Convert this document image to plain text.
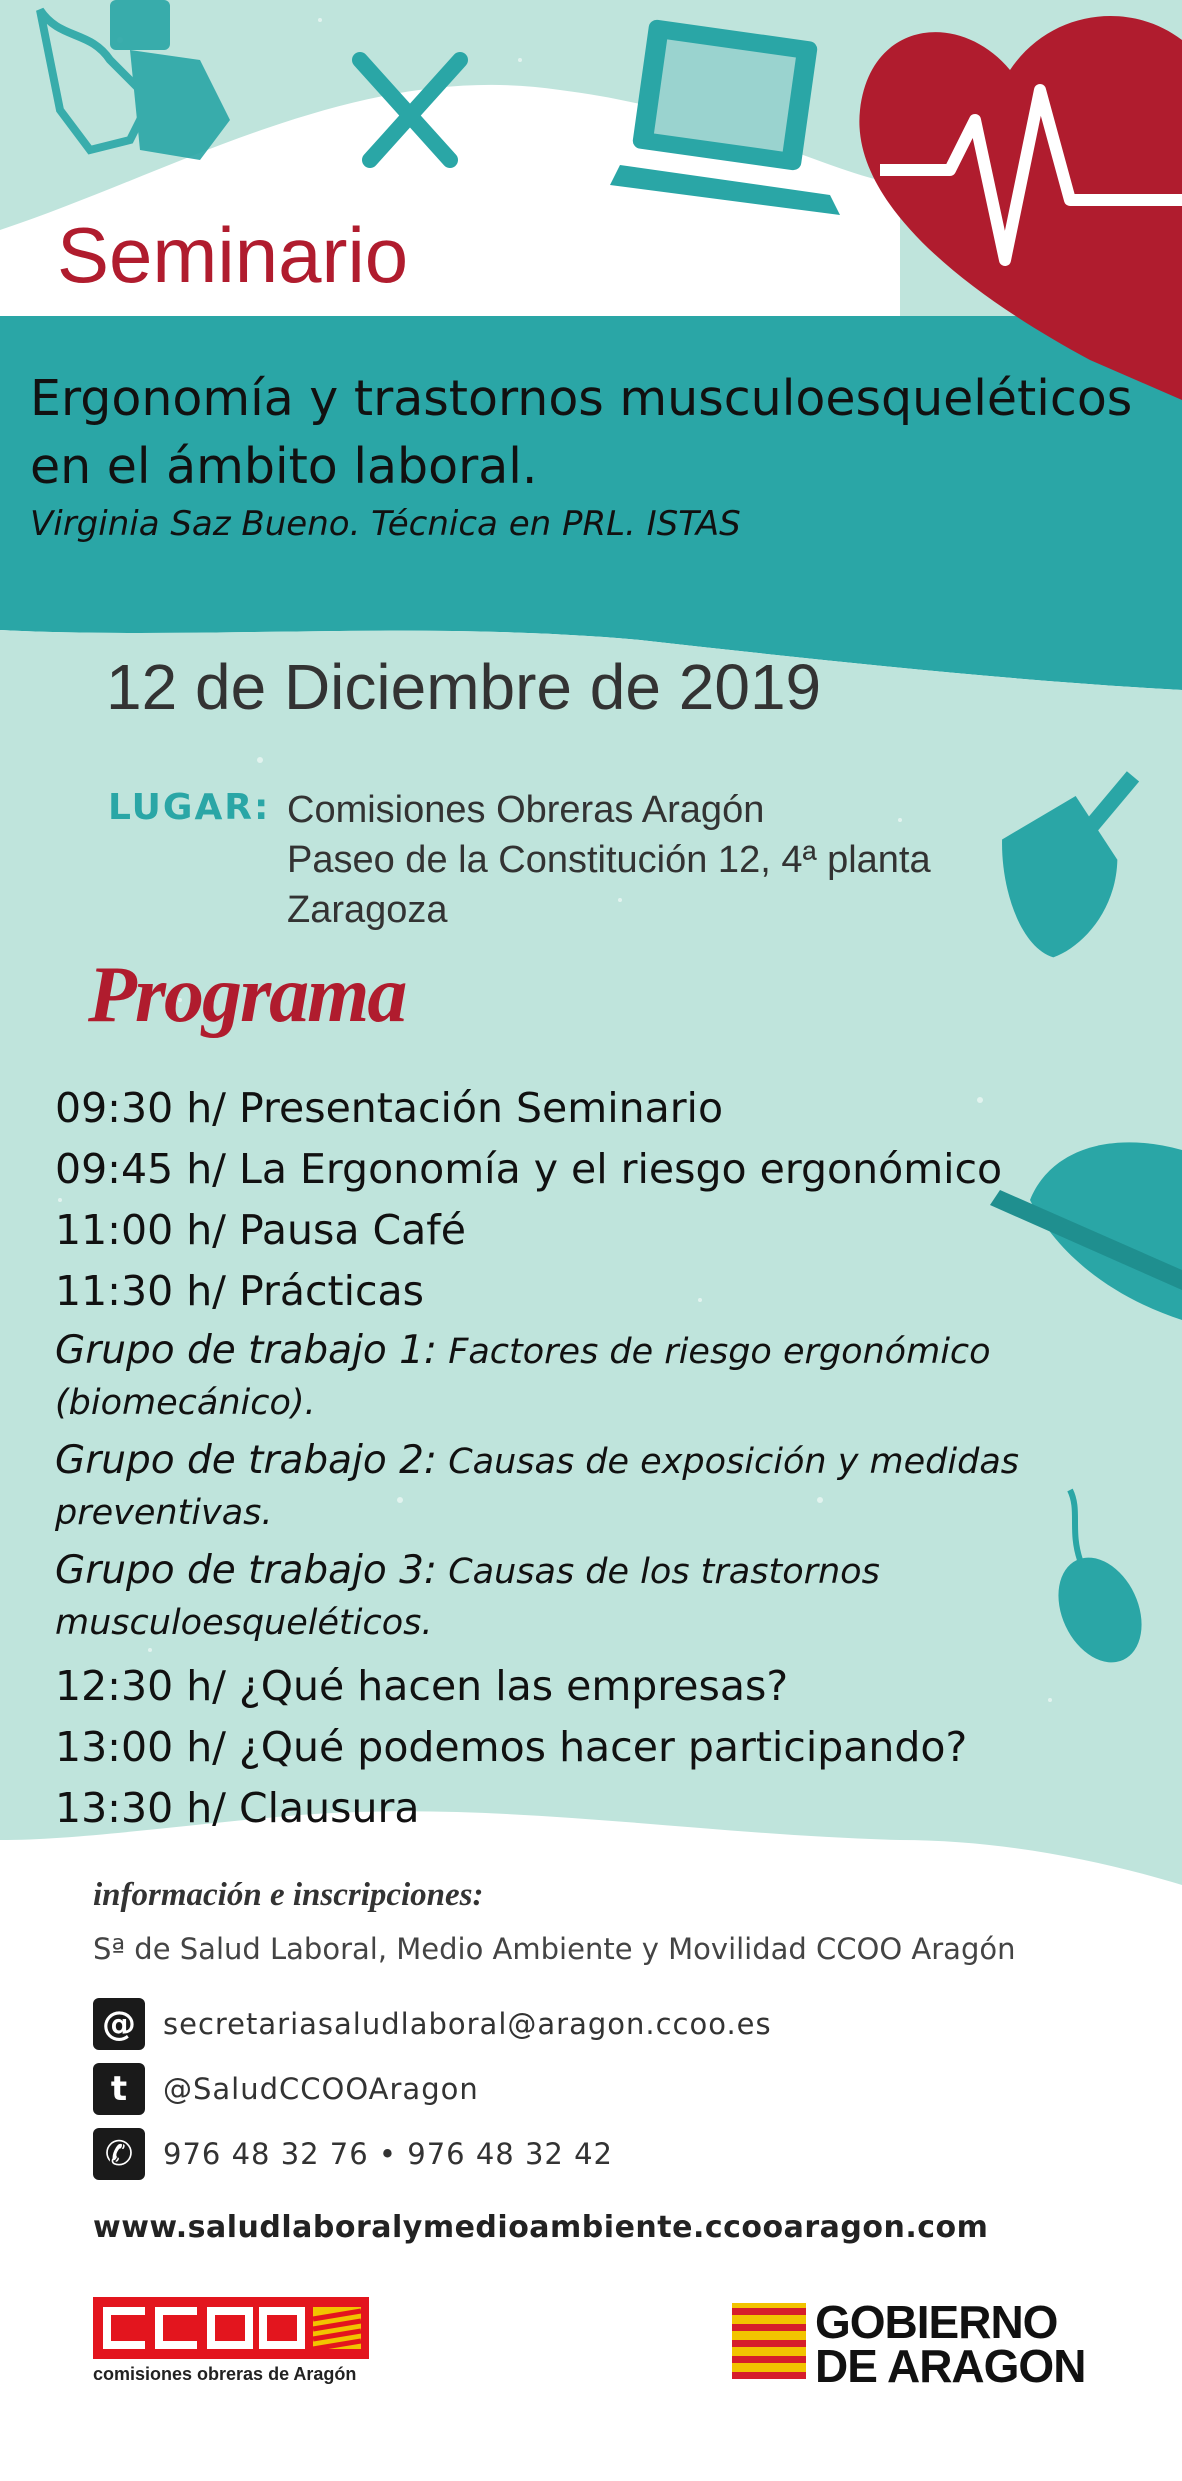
Seminario
Ergonomía y trastornos musculoesqueléticos
en el ámbito laboral.
Virginia Saz Bueno. Técnica en PRL. ISTAS
12 de Diciembre de 2019
LUGAR: Comisiones Obreras Aragón
Paseo de la Constitución 12, 4ª planta
Zaragoza
Programa
09:30 h/ Presentación Seminario
09:45 h/ La Ergonomía y el riesgo ergonómico
11:00 h/ Pausa Café
11:30 h/ Prácticas
Grupo de trabajo 1: Factores de riesgo ergonómico
(biomecánico).
Grupo de trabajo 2: Causas de exposición y medidas
preventivas.
Grupo de trabajo 3: Causas de los trastornos
musculoesqueléticos.
12:30 h/ ¿Qué hacen las empresas?
13:00 h/ ¿Qué podemos hacer participando?
13:30 h/ Clausura
información e inscripciones:
Sª de Salud Laboral, Medio Ambiente y Movilidad CCOO Aragón
@ secretariasaludlaboral@aragon.ccoo.es
t	@SaludCCOOAragon
✆	976 48 32 76 • 976 48 32 42
www.saludlaboralymedioambiente.ccooaragon.com
comisiones obreras de Aragón
GOBIERNO
DE ARAGON
